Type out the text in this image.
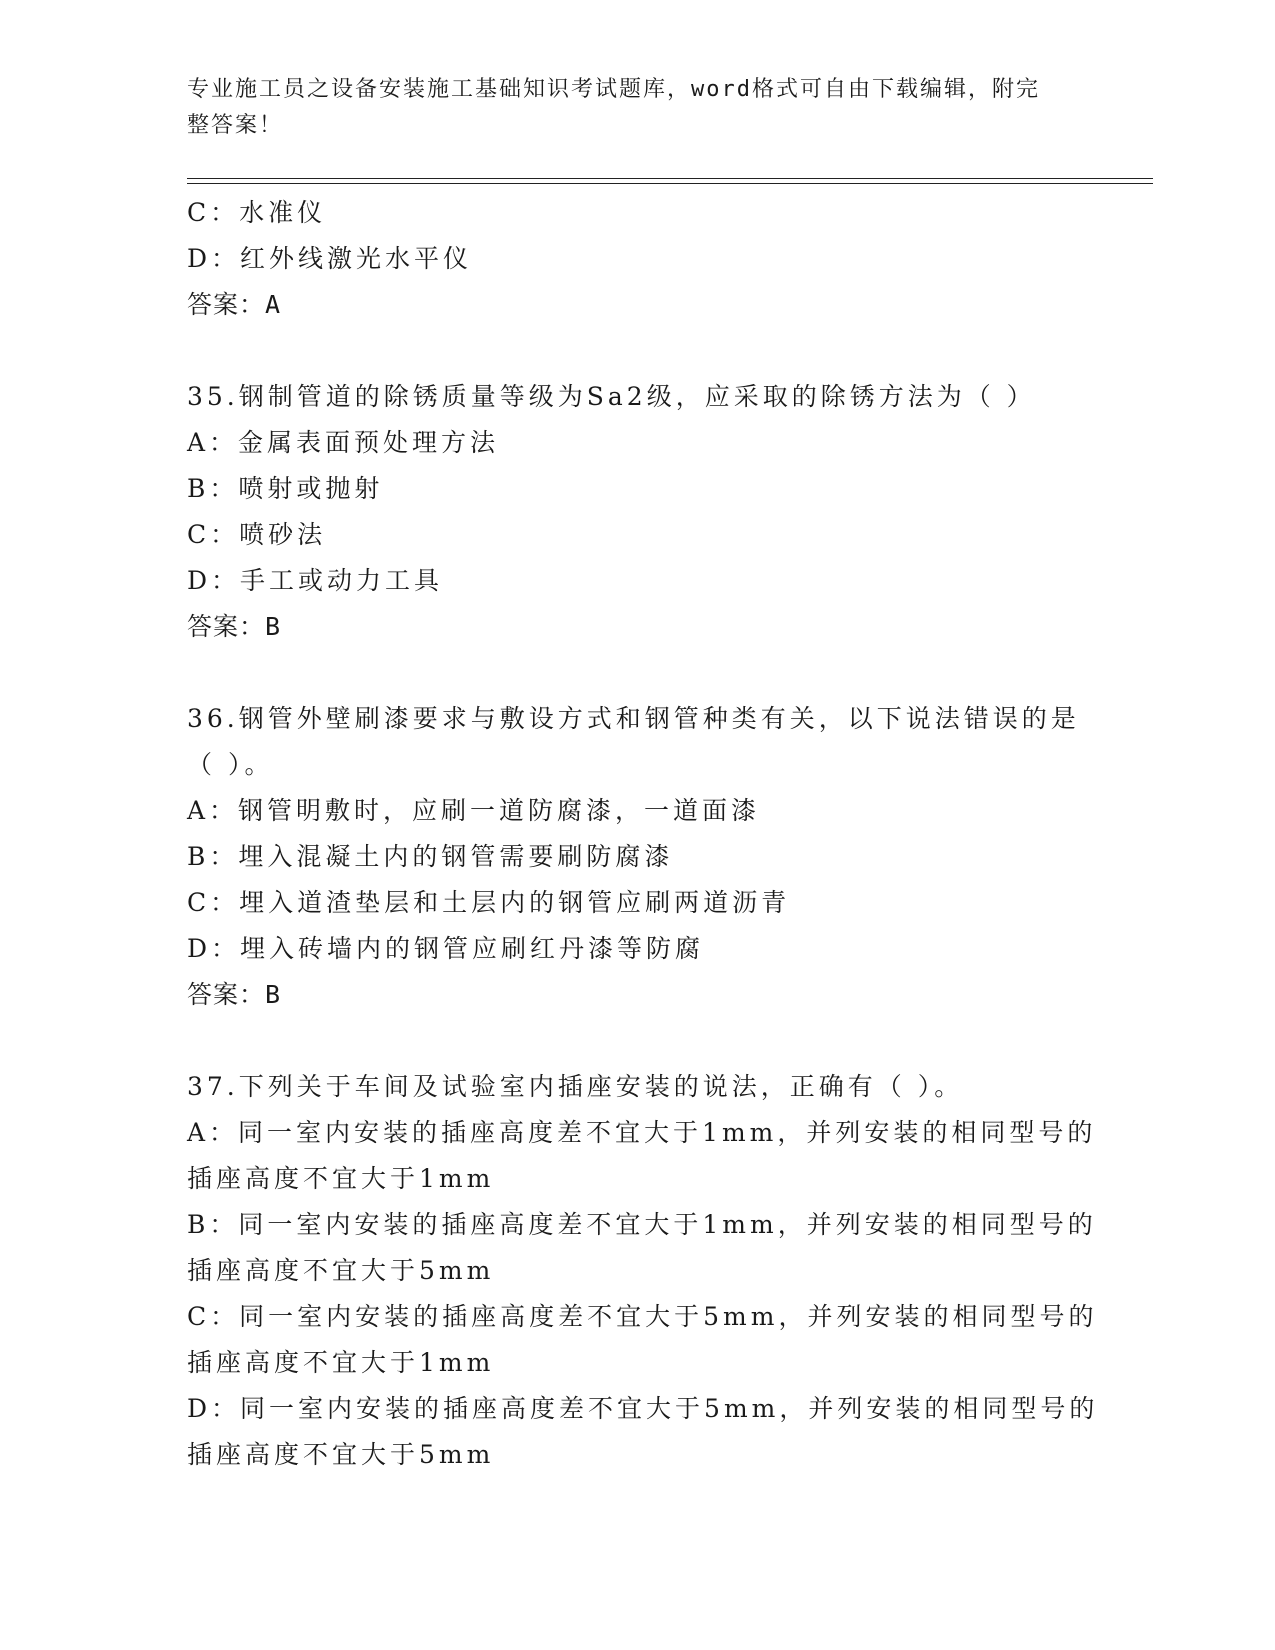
专业施工员之设备安装施工基础知识考试题库，word格式可自由下载编辑，附完
整答案！
C：水准仪
D：红外线激光水平仪
答案：A
35.钢制管道的除锈质量等级为Sa2级，应采取的除锈方法为（ ）
A：金属表面预处理方法
B：喷射或抛射
C：喷砂法
D：手工或动力工具
答案：B
36.钢管外壁刷漆要求与敷设方式和钢管种类有关，以下说法错误的是
（ ）。
A：钢管明敷时，应刷一道防腐漆，一道面漆
B：埋入混凝土内的钢管需要刷防腐漆
C：埋入道渣垫层和土层内的钢管应刷两道沥青
D：埋入砖墙内的钢管应刷红丹漆等防腐
答案：B
37.下列关于车间及试验室内插座安装的说法，正确有（ ）。
A：同一室内安装的插座高度差不宜大于1mm，并列安装的相同型号的
插座高度不宜大于1mm
B：同一室内安装的插座高度差不宜大于1mm，并列安装的相同型号的
插座高度不宜大于5mm
C：同一室内安装的插座高度差不宜大于5mm，并列安装的相同型号的
插座高度不宜大于1mm
D：同一室内安装的插座高度差不宜大于5mm，并列安装的相同型号的
插座高度不宜大于5mm
